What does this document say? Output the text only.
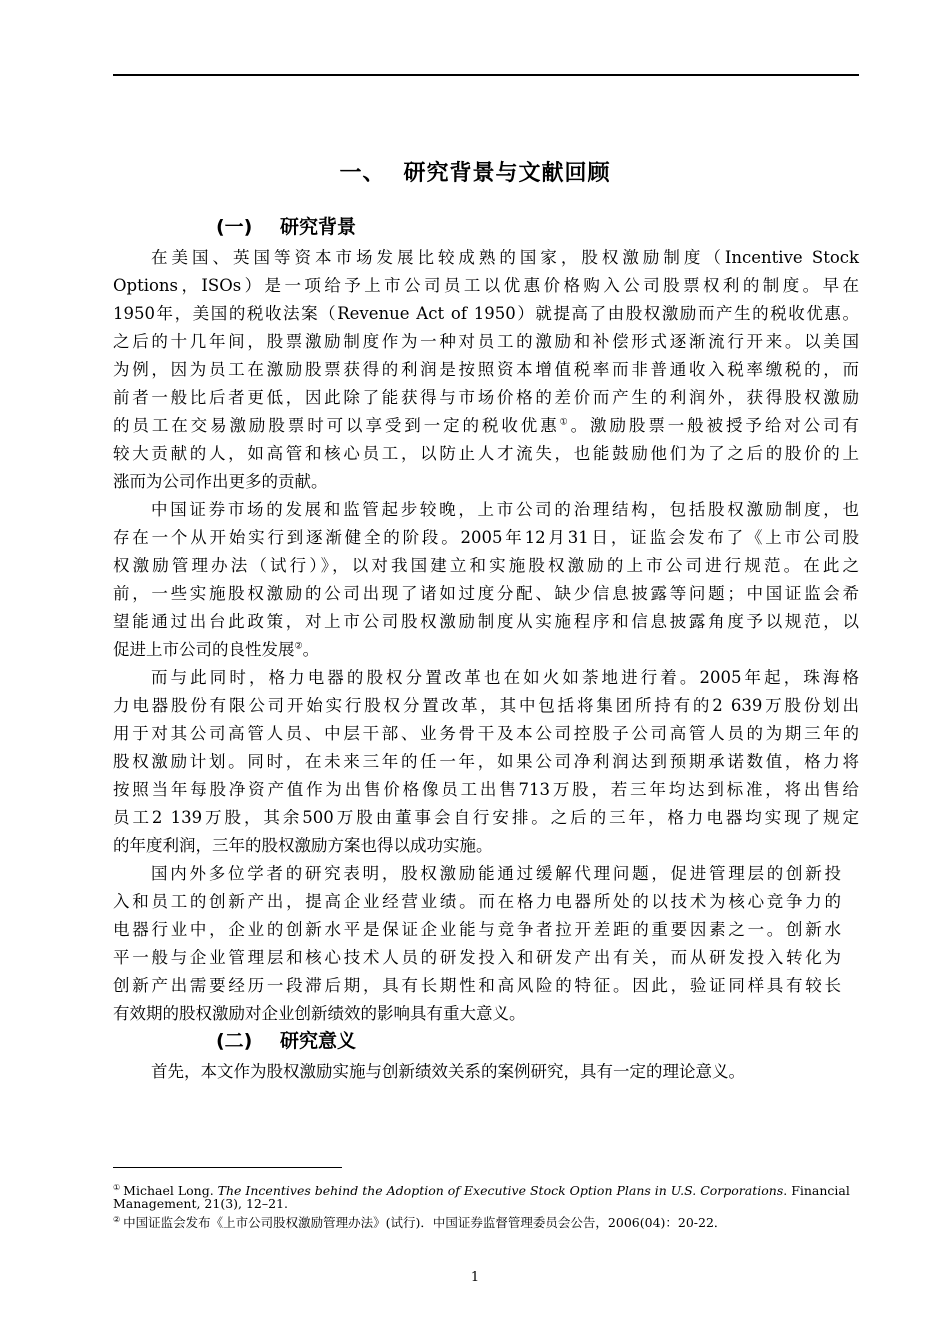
一、 研究背景与文献回顾
(一) 研究背景
在美国、英国等资本市场发展比较成熟的国家，股权激励制度（Incentive Stock
Options，ISOs）是一项给予上市公司员工以优惠价格购入公司股票权利的制度。早在
1950年，美国的税收法案（Revenue Act of 1950）就提高了由股权激励而产生的税收优惠。
之后的十几年间，股票激励制度作为一种对员工的激励和补偿形式逐渐流行开来。以美国
为例，因为员工在激励股票获得的利润是按照资本增值税率而非普通收入税率缴税的，而
前者一般比后者更低，因此除了能获得与市场价格的差价而产生的利润外，获得股权激励
的员工在交易激励股票时可以享受到一定的税收优惠①。激励股票一般被授予给对公司有
较大贡献的人，如高管和核心员工，以防止人才流失，也能鼓励他们为了之后的股价的上
涨而为公司作出更多的贡献。
中国证券市场的发展和监管起步较晚，上市公司的治理结构，包括股权激励制度，也
存在一个从开始实行到逐渐健全的阶段。2005年12月31日，证监会发布了《上市公司股
权激励管理办法（试行）》，以对我国建立和实施股权激励的上市公司进行规范。在此之
前，一些实施股权激励的公司出现了诸如过度分配、缺少信息披露等问题；中国证监会希
望能通过出台此政策，对上市公司股权激励制度从实施程序和信息披露角度予以规范，以
促进上市公司的良性发展②。
而与此同时，格力电器的股权分置改革也在如火如荼地进行着。2005年起，珠海格
力电器股份有限公司开始实行股权分置改革，其中包括将集团所持有的2 639万股份划出
用于对其公司高管人员、中层干部、业务骨干及本公司控股子公司高管人员的为期三年的
股权激励计划。同时，在未来三年的任一年，如果公司净利润达到预期承诺数值，格力将
按照当年每股净资产值作为出售价格像员工出售713万股，若三年均达到标准，将出售给
员工2 139万股，其余500万股由董事会自行安排。之后的三年，格力电器均实现了规定
的年度利润，三年的股权激励方案也得以成功实施。
国内外多位学者的研究表明，股权激励能通过缓解代理问题，促进管理层的创新投
入和员工的创新产出，提高企业经营业绩。而在格力电器所处的以技术为核心竞争力的
电器行业中，企业的创新水平是保证企业能与竞争者拉开差距的重要因素之一。创新水
平一般与企业管理层和核心技术人员的研发投入和研发产出有关，而从研发投入转化为
创新产出需要经历一段滞后期，具有长期性和高风险的特征。因此，验证同样具有较长
有效期的股权激励对企业创新绩效的影响具有重大意义。
(二) 研究意义
首先，本文作为股权激励实施与创新绩效关系的案例研究，具有一定的理论意义。
① Michael Long. The Incentives behind the Adoption of Executive Stock Option Plans in U.S. Corporations. Financial
Management, 21(3), 12–21.
② 中国证监会发布《上市公司股权激励管理办法》(试行)．中国证券监督管理委员会公告，2006(04)：20-22．
1
